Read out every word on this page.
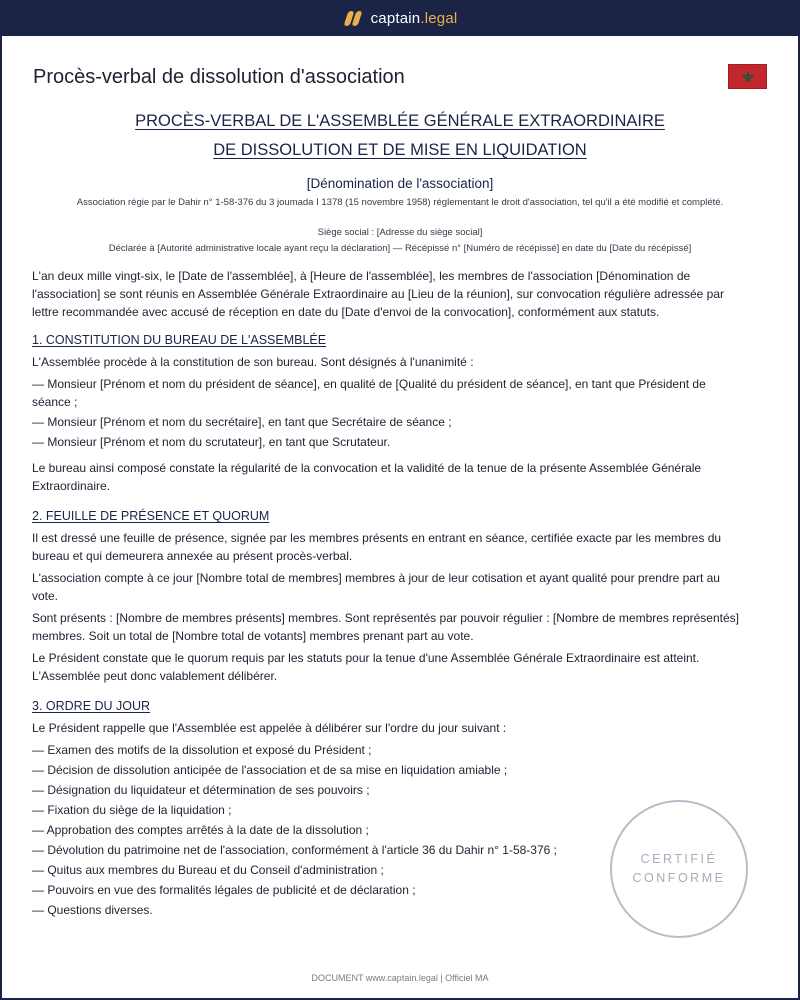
captain.legal
Procès-verbal de dissolution d'association
PROCÈS-VERBAL DE L'ASSEMBLÉE GÉNÉRALE EXTRAORDINAIRE
DE DISSOLUTION ET DE MISE EN LIQUIDATION
[Dénomination de l'association]
Association régie par le Dahir n° 1-58-376 du 3 joumada I 1378 (15 novembre 1958) réglementant le droit d'association, tel qu'il a été modifié et complété.
Siège social : [Adresse du siège social]
Déclarée à [Autorité administrative locale ayant reçu la déclaration] — Récépissé n° [Numéro de récépissé] en date du [Date du récépissé]

L'an deux mille vingt-six, le [Date de l'assemblée], à [Heure de l'assemblée], les membres de l'association [Dénomination de l'association] se sont réunis en Assemblée Générale Extraordinaire au [Lieu de la réunion], sur convocation régulière adressée par lettre recommandée avec accusé de réception en date du [Date d'envoi de la convocation], conformément aux statuts.

1. CONSTITUTION DU BUREAU DE L'ASSEMBLÉE

L'Assemblée procède à la constitution de son bureau. Sont désignés à l'unanimité :

— Monsieur [Prénom et nom du président de séance], en qualité de [Qualité du président de séance], en tant que Président de séance ;

— Monsieur [Prénom et nom du secrétaire], en tant que Secrétaire de séance ;

— Monsieur [Prénom et nom du scrutateur], en tant que Scrutateur.

Le bureau ainsi composé constate la régularité de la convocation et la validité de la tenue de la présente Assemblée Générale Extraordinaire.

2. FEUILLE DE PRÉSENCE ET QUORUM

Il est dressé une feuille de présence, signée par les membres présents en entrant en séance, certifiée exacte par les membres du bureau et qui demeurera annexée au présent procès-verbal.

L'association compte à ce jour [Nombre total de membres] membres à jour de leur cotisation et ayant qualité pour prendre part au vote.

Sont présents : [Nombre de membres présents] membres. Sont représentés par pouvoir régulier : [Nombre de membres représentés] membres. Soit un total de [Nombre total de votants] membres prenant part au vote.

Le Président constate que le quorum requis par les statuts pour la tenue d'une Assemblée Générale Extraordinaire est atteint. L'Assemblée peut donc valablement délibérer.

3. ORDRE DU JOUR

Le Président rappelle que l'Assemblée est appelée à délibérer sur l'ordre du jour suivant :

— Examen des motifs de la dissolution et exposé du Président ;

— Décision de dissolution anticipée de l'association et de sa mise en liquidation amiable ;

— Désignation du liquidateur et détermination de ses pouvoirs ;

— Fixation du siège de la liquidation ;

— Approbation des comptes arrêtés à la date de la dissolution ;

— Dévolution du patrimoine net de l'association, conformément à l'article 36 du Dahir n° 1-58-376 ;

— Quitus aux membres du Bureau et du Conseil d'administration ;

— Pouvoirs en vue des formalités légales de publicité et de déclaration ;

— Questions diverses.

CERTIFIÉ
CONFORME
DOCUMENT www.captain.legal | Officiel MA
